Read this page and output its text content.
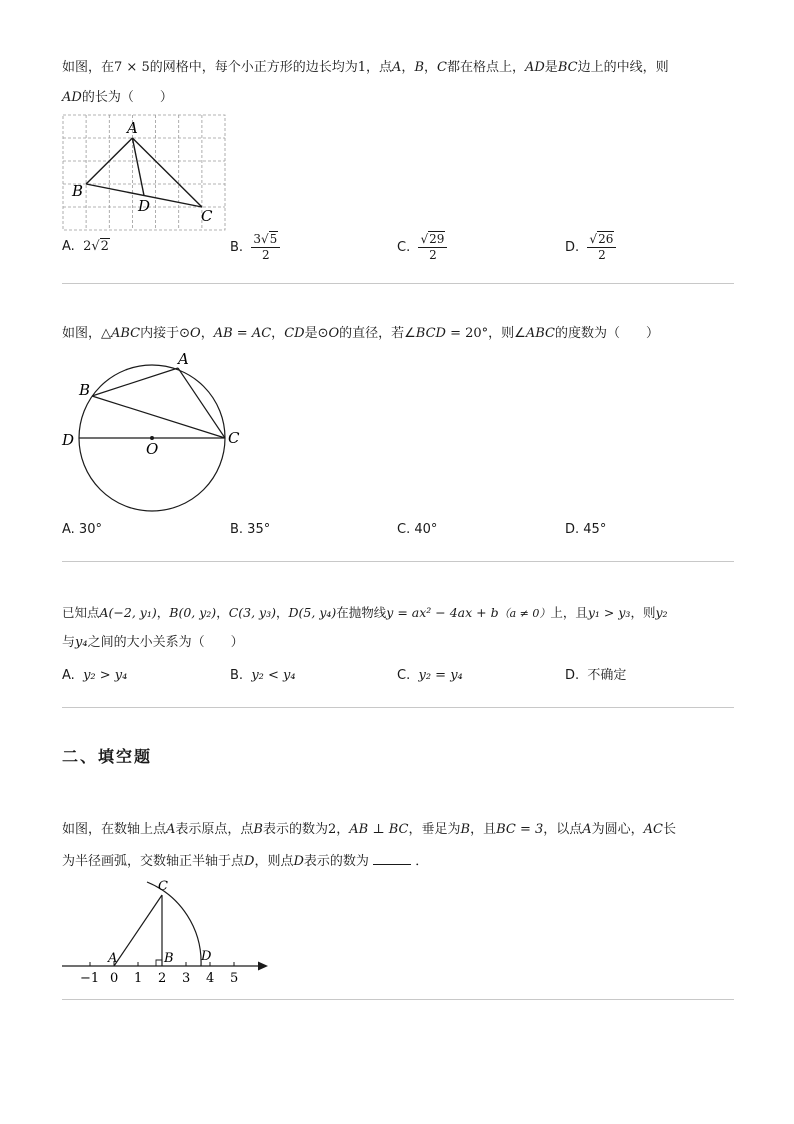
如图，在7 × 5的网格中，每个小正方形的边长均为1，点A，B，C都在格点上，AD是BC边上的中线，则
AD的长为（　　）
A
B
D
C
A. 2√2	B. $\frac{3√5}{2}$	C. $\frac{√29}{2}$	D. $\frac{√26}{2}$
如图，△ABC内接于⊙O，AB = AC，CD是⊙O的直径，若∠BCD = 20°，则∠ABC的度数为（　　）
A
B
D	C
O
A. 30°	B. 35°	C. 40°	D. 45°
已知点A(−2, y₁)，B(0, y₂)，C(3, y₃)，D(5, y₄)在抛物线y = ax² − 4ax + b（a ≠ 0）上，且y₁ > y₃，则y₂
与y₄之间的大小关系为（　　）
A. y₂ > y₄	B. y₂ < y₄	C. y₂ = y₄	D. 不确定
二、填空题
如图，在数轴上点A表示原点，点B表示的数为2，AB ⊥ BC，垂足为B，且BC = 3，以点A为圆心，AC长
为半径画弧，交数轴正半轴于点D，则点D表示的数为	．
−1 0 1 2 3 4 5
C
A	B D
